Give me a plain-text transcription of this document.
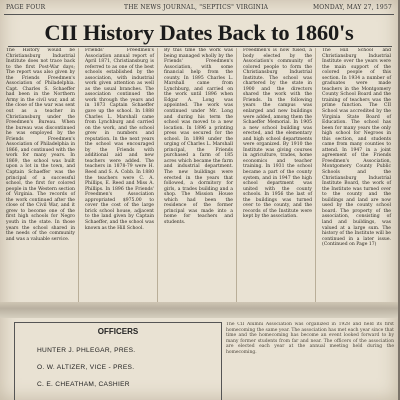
PAGE FOUR	THE NEWS JOURNAL, "SEPTICS" VIRGINIA	MONDAY, MAY 27, 1957
CII History Dates Back to 1860's
The History would be Christiansburg Industrial Institute does not trace back to the first Post-War days; The report was also given by the Friends Freedmen's Association of Philadelphia. Capt. Charles S. Schaeffer had been in the Northern Army in the civil war, and at the close of the war was sent out as a teacher in Christiansburg under the Freedmen's Bureau. When the bureau was discontinued he was employed by the Friends Freedmen's Association of Philadelphia in 1866, and continued with the work for many years. In 1869, the school was built upon a lot in the town, and Captain Schaeffer was the principal of a successful school, the first for colored people in the Western section of Virginia. The records of the work continued after the close of the Civil War, and it grew to become one of the first high schools for Negro youth in the state. In those years the school shared in the needs of the community and was a valuable service.
Friends' Freedmen's Association annual report of April 1871, Christiansburg is referred to as one of the best schools established by the association, with industrial work given attention as well as the usual branches. The association continued the work through the years and in 1873 Captain Schaeffer gave up the school. In 1888 Charles L. Marshall came from Lynchburg and carried on the work, and the school grew in numbers and reputation. In the next years the school was encouraged by the Friends with additional aid and new teachers were added. The teachers in 1878-79 were H. Reed and S. A. Cobb. In 1880 the teachers were C. A. Phillips, E. Reed and Miss A. Phillips. In 1896 the Friends' Freedmen's Association appropriated $975.00 to cover the cost of the large brick school house, adjacent to the land given by Captain Schaeffer, and the school was known as the Hill School.
By this time the work was being managed wholly by the Friends' Freedmen's Association, with some financial help from the county. In 1895 Charles L. Marshall came from Lynchburg, and carried on the work until 1896 when Edgar A. Long was appointed. The work was continued under Mr. Long and during his term the school was moved to a new location. In 1896 a printing press was secured for the school. In 1898 under the urging of Charles L. Marshall principal, the Friends purchased a farm of 185 acres which became the farm and industrial department. The new buildings were erected in the years that followed, a dormitory for girls, a trades building and a shop. The Mission House which had been the residence of the former principal was made into a home for teachers and students.
Freedmen's is now fused, a body elected by the Association's community of colored people to form the Christiansburg Industrial Institute. The school was chartered by the state in 1900 and the directors shared the work with the Friends. In the following years the campus was enlarged and new buildings were added, among them the Schaeffer Memorial. In 1905 a new school building was erected, and the elementary and high school departments were organized. By 1910 the Institute was giving courses in agriculture, trades, home economics and teacher training. In 1931 the school became a part of the county system, and in 1947 the high school department was united with the county schools. In 1956 the last of the buildings was turned over to the county, and the records of the Institute were kept by the association.
The Hill School and Christiansburg Industrial Institute over the years were the main support of the colored people of this section. In 1934 a number of graduates were made teachers in the Montgomery County School Board and the training of teachers was the prime function. The CII School was accredited by the Virginia State Board of Education. The school has been for many years the only high school for Negroes in this section, and students came from many counties to attend. In 1947 in a joint agreement of the Friends Freedmen's Association, Montgomery County Public Schools and the Christiansburg Industrial Institute Board, the work of the Institute was turned over to the county and the buildings and land are now used by the county school board. The property of the association, consisting of land and buildings, was valued at a large sum. The history of the Institute will be continued in a later issue. (Continued on Page 17)
OFFICERS
HUNTER J. PHLEGAR, PRES.
O. W. ALTIZER, VICE - PRES.
C. E. CHEATHAM, CASHIER
The CII Alumni Association was organized in 1928 and held its first homecoming the same year. The association has met each year since that time and the homecoming has become an event looked forward to by many former students from far and near. The officers of the association are elected each year at the annual meeting held during the homecoming.
